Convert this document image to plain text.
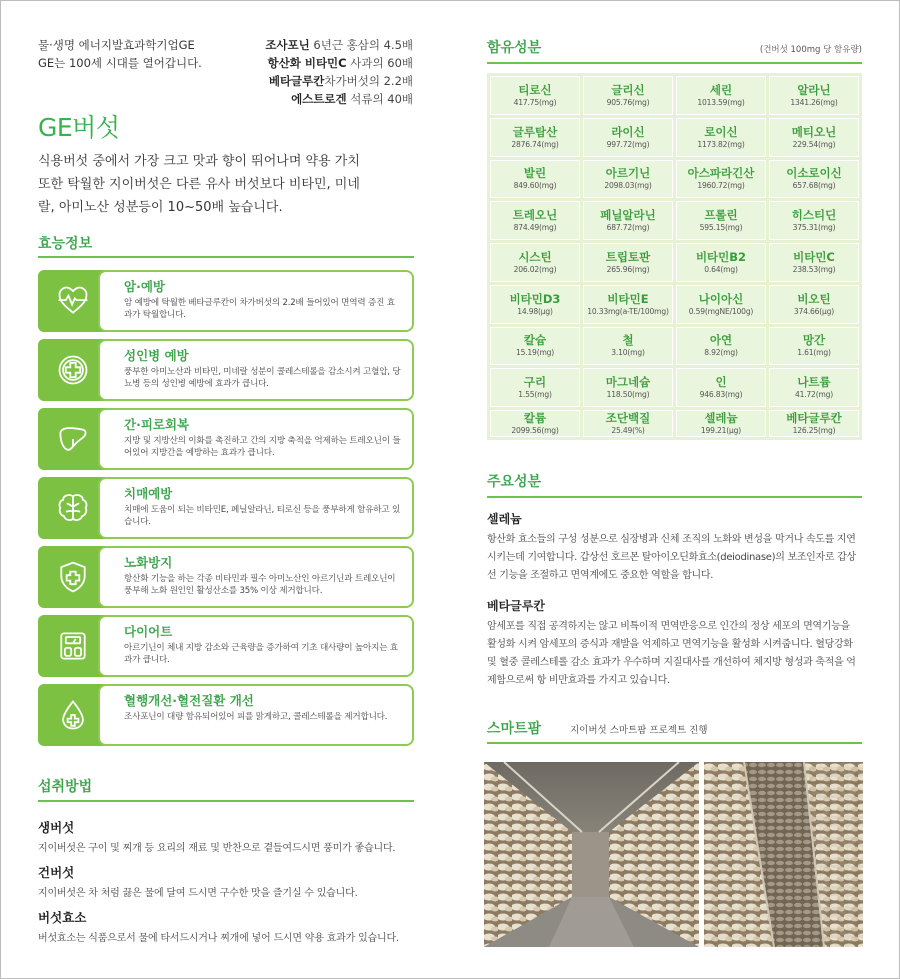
물·생명 에너지발효과학기업GE
GE는 100세 시대를 열어갑니다.
조사포닌 6년근 홍삼의 4.5배
항산화 비타민C 사과의 60배
베타글루칸차가버섯의 2.2배
에스트로겐 석류의 40배
GE버섯
식용버섯 중에서 가장 크고 맛과 향이 뛰어나며 약용 가치 또한 탁월한 지이버섯은 다른 유사 버섯보다 비타민, 미네랄, 아미노산 성분등이 10~50배 높습니다.
효능정보
암·예방
암 예방에 탁월한 베타글루칸이 차가버섯의 2.2배 들어있어 면역력 증진 효과가 탁월합니다.
성인병 예방
풍부한 아미노산과 비타민, 미네랄 성분이 콜레스테롤을 감소시켜 고혈압, 당뇨병 등의 성인병 예방에 효과가 큽니다.
간·피로회복
지방 및 지방산의 이화를 촉진하고 간의 지방 축적을 억제하는 트레오닌이 들어있어 지방간을 예방하는 효과가 큽니다.
치매예방
치매에 도움이 되는 비타민E, 페닐알라닌, 티로신 등을 풍부하게 함유하고 있습니다.
노화방지
항산화 기능을 하는 각종 비타민과 필수 아미노산인 아르기닌과 트레오닌이 풍부해 노화 원인인 활성산소를 35% 이상 제거합니다.
다이어트
아르기닌이 체내 지방 감소와 근육량을 증가하여 기초 대사량이 높아지는 효과가 큽니다.
혈행개선·혈전질환 개선
조사포닌이 대량 함유되어있어 피를 맑게하고, 콜레스테롤을 제거합니다.
섭취방법
생버섯

지이버섯은 구이 및 찌개 등 요리의 재료 및 반찬으로 곁들여드시면 풍미가 좋습니다.

건버섯

지이버섯은 차 처럼 끓은 물에 달여 드시면 구수한 맛을 즐기실 수 있습니다.

버섯효소

버섯효소는 식품으로서 물에 타서드시거나 찌개에 넣어 드시면 약용 효과가 있습니다.

함유성분	(건버섯 100mg 당 함유량)
티로신
417.75(mg)
글리신
905.76(mg)
세린
1013.59(mg)
알라닌
1341.26(mg)
글루탐산
2876.74(mg)
라이신
997.72(mg)
로이신
1173.82(mg)
메티오닌
229.54(mg)
발린
849.60(mg)
아르기닌
2098.03(mg)
아스파라긴산
1960.72(mg)
이소로이신
657.68(mg)
트레오닌
874.49(mg)
페닐알라닌
687.72(mg)
프롤린
595.15(mg)
히스티딘
375.31(mg)
시스틴
206.02(mg)
트립토판
265.96(mg)
비타민B2
0.64(mg)
비타민C
238.53(mg)
비타민D3
14.98(μg)
비타민E
10.33mg(a-TE/100mg)
나이아신
0.59(mgNE/100g)
비오틴
374.66(μg)
칼슘
15.19(mg)
철
3.10(mg)
아연
8.92(mg)
망간
1.61(mg)
구리
1.55(mg)
마그네슘
118.50(mg)
인
946.83(mg)
나트륨
41.72(mg)
칼륨
2099.56(mg)
조단백질
25.49(%)
셀레늄
199.21(μg)
베타글루칸
126.25(mg)
주요성분
셀레늄

항산화 효소들의 구성 성분으로 심장병과 신체 조직의 노화와 변성을 막거나 속도를 지연시키는데 기여합니다. 갑상선 호르몬 탈아이오딘화효소(deiodinase)의 보조인자로 갑상선 기능을 조절하고 면역계에도 중요한 역할을 합니다.

베타글루칸

암세포를 직접 공격하지는 않고 비특이적 면역반응으로 인간의 정상 세포의 면역기능을 활성화 시켜 암세포의 증식과 재발을 억제하고 면역기능을 활성화 시켜줍니다. 혈당강화 및 혈중 콜레스테롤 감소 효과가 우수하며 지질대사를 개선하여 체지방 형성과 축적을 억제함으로써 항 비만효과를 가지고 있습니다.

스마트팜	지이버섯 스마트팜 프로젝트 진행
